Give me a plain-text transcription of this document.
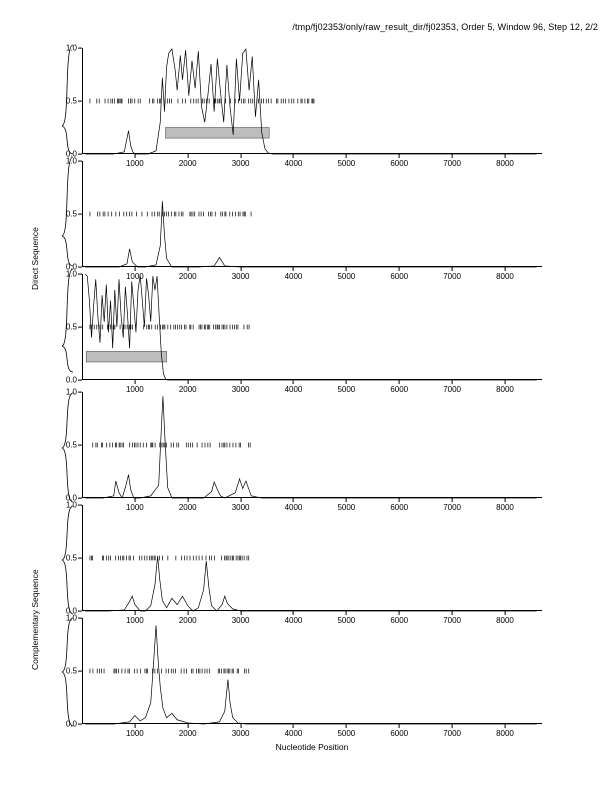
/tmp/fj02353/only/raw_result_dir/fj02353, Order 5, Window 96, Step 12, 2/2
Direct Sequence
Complementary Sequence
0.0
0.5
1.0
1000	2000	3000	4000	5000	6000	7000	8000
0.0
0.5
1.0
1000	2000	3000	4000	5000	6000	7000	8000
0.0
0.5
1.0
1000	2000	3000	4000	5000	6000	7000	8000
0.0
0.5
1.0
1000	2000	3000	4000	5000	6000	7000	8000
0.0
0.5
1.0
1000	2000	3000	4000	5000	6000	7000	8000
0.0
0.5
1.0
1000	2000	3000	4000	5000	6000	7000	8000
Nucleotide Position
